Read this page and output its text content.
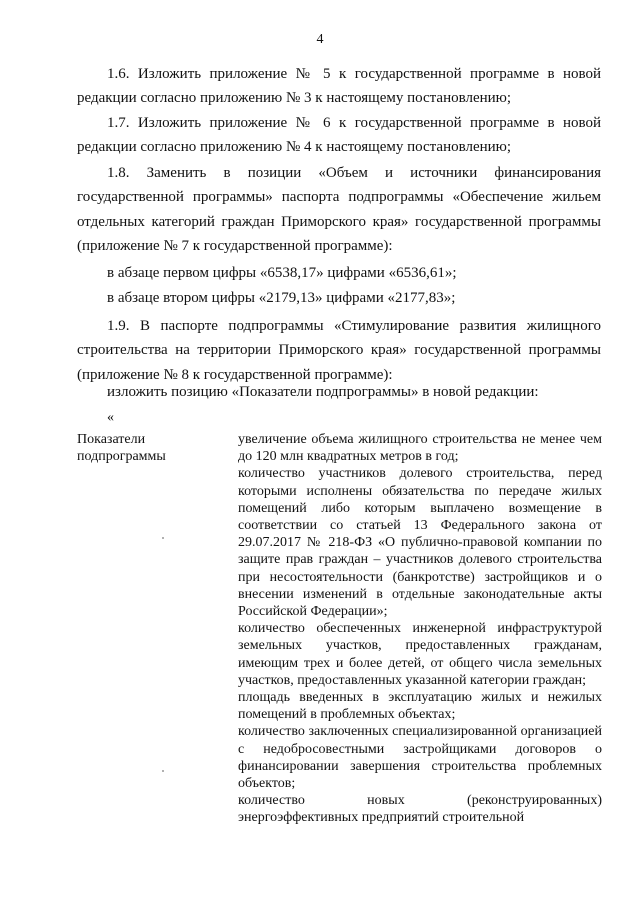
4

1.6. Изложить приложение № 5 к государственной программе в новой редакции согласно приложению № 3 к настоящему постановлению;

1.7. Изложить приложение № 6 к государственной программе в новой редакции согласно приложению № 4 к настоящему постановлению;

1.8. Заменить в позиции «Объем и источники финансирования государственной программы» паспорта подпрограммы «Обеспечение жильем отдельных категорий граждан Приморского края» государственной программы (приложение № 7 к государственной программе):

в абзаце первом цифры «6538,17» цифрами «6536,61»;

в абзаце втором цифры «2179,13» цифрами «2177,83»;

1.9. В паспорте подпрограммы «Стимулирование развития жилищного строительства на территории Приморского края» государственной программы (приложение № 8 к государственной программе):

изложить позицию «Показатели подпрограммы» в новой редакции:

«

Показатели подпрограммы

увеличение объема жилищного строительства не менее чем до 120 млн квадратных метров в год;

количество участников долевого строительства, перед которыми исполнены обязательства по передаче жилых помещений либо которым выплачено возмещение в соответствии со статьей 13 Федерального закона от 29.07.2017 № 218-ФЗ «О публично-правовой компании по защите прав граждан – участников долевого строительства при несостоятельности (банкротстве) застройщиков и о внесении изменений в отдельные законодательные акты Российской Федерации»;

количество обеспеченных инженерной инфраструктурой земельных участков, предоставленных гражданам, имеющим трех и более детей, от общего числа земельных участков, предоставленных указанной категории граждан;

площадь введенных в эксплуатацию жилых и нежилых помещений в проблемных объектах;

количество заключенных специализированной организацией с недобросовестными застройщиками договоров о финансировании завершения строительства проблемных объектов;

количество новых (реконструированных) энергоэффективных предприятий строительной
